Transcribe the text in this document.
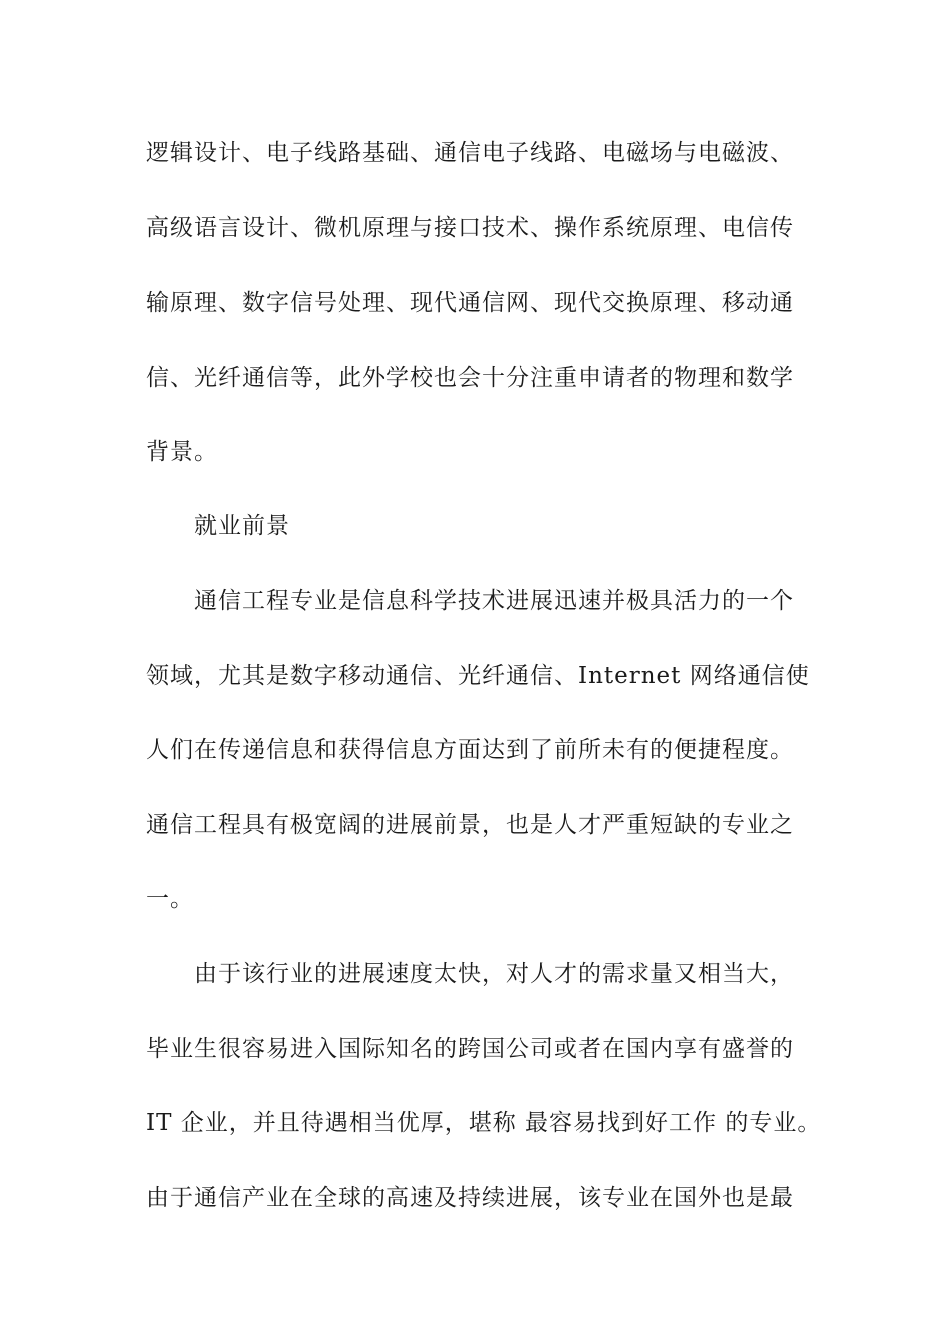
逻辑设计、电子线路基础、通信电子线路、电磁场与电磁波、
高级语言设计、微机原理与接口技术、操作系统原理、电信传
输原理、数字信号处理、现代通信网、现代交换原理、移动通
信、光纤通信等，此外学校也会十分注重申请者的物理和数学
背景。
就业前景
通信工程专业是信息科学技术进展迅速并极具活力的一个
领域，尤其是数字移动通信、光纤通信、Internet 网络通信使
人们在传递信息和获得信息方面达到了前所未有的便捷程度。
通信工程具有极宽阔的进展前景，也是人才严重短缺的专业之
一。
由于该行业的进展速度太快，对人才的需求量又相当大，
毕业生很容易进入国际知名的跨国公司或者在国内享有盛誉的
IT 企业，并且待遇相当优厚，堪称 最容易找到好工作 的专业。
由于通信产业在全球的高速及持续进展，该专业在国外也是最
